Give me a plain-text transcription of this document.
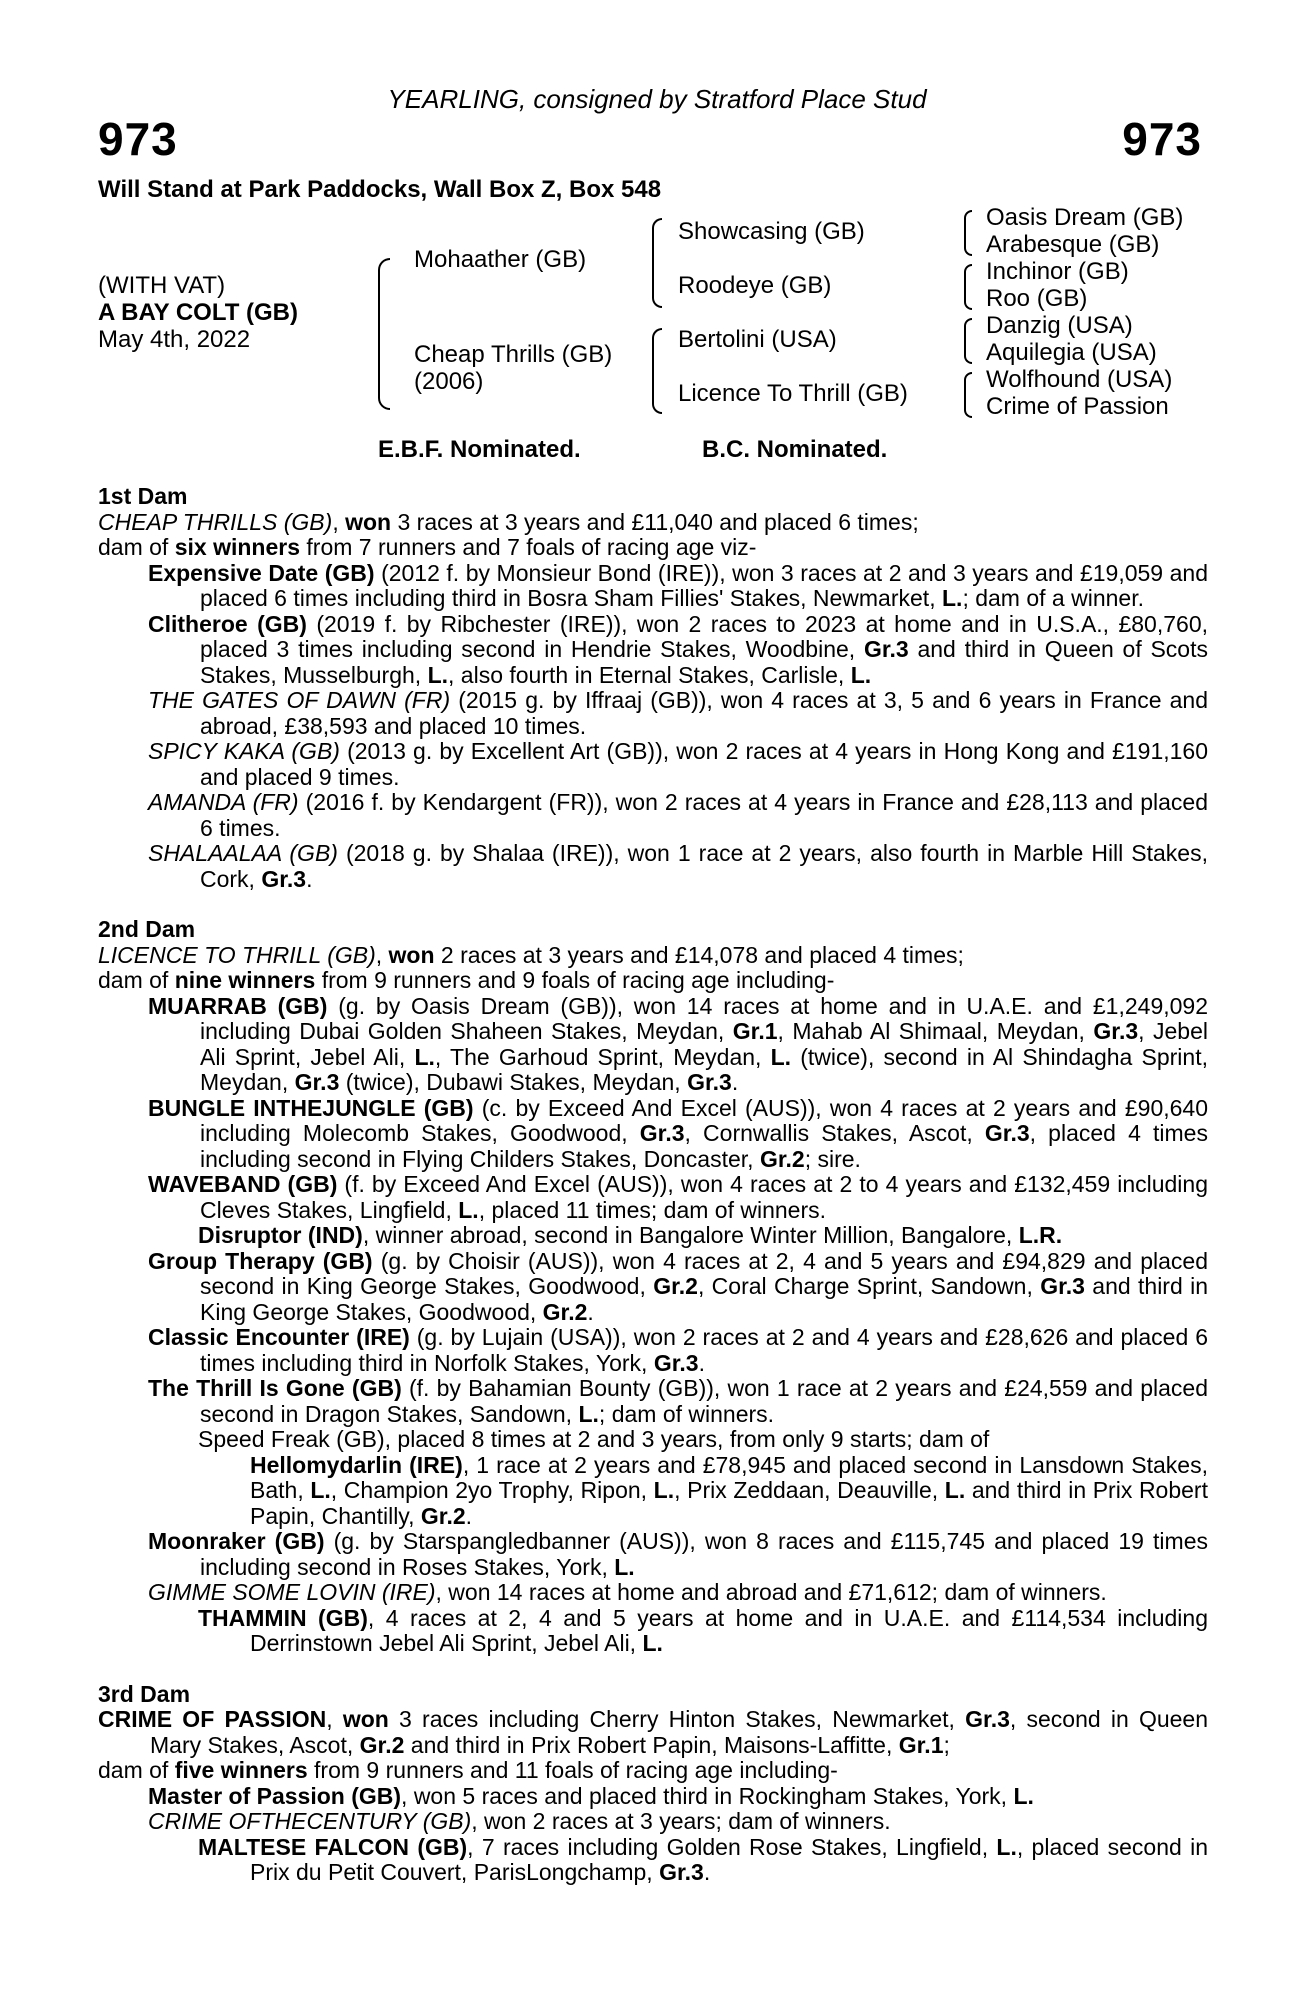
YEARLING, consigned by Stratford Place Stud
973	973
Will Stand at Park Paddocks, Wall Box Z, Box 548
(WITH VAT)
A BAY COLT (GB)
May 4th, 2022
Mohaather (GB)
Cheap Thrills (GB)
(2006)
Showcasing (GB)
Roodeye (GB)
Bertolini (USA)
Licence To Thrill (GB)
Oasis Dream (GB)
Arabesque (GB)
Inchinor (GB)
Roo (GB)
Danzig (USA)
Aquilegia (USA)
Wolfhound (USA)
Crime of Passion
E.B.F. Nominated.	B.C. Nominated.

1st Dam

CHEAP THRILLS (GB), won 3 races at 3 years and £11,040 and placed 6 times;

dam of six winners from 7 runners and 7 foals of racing age viz-

Expensive Date (GB) (2012 f. by Monsieur Bond (IRE)), won 3 races at 2 and 3 years and £19,059 and placed 6 times including third in Bosra Sham Fillies' Stakes, Newmarket, L.; dam of a winner.

Clitheroe (GB) (2019 f. by Ribchester (IRE)), won 2 races to 2023 at home and in U.S.A., £80,760, placed 3 times including second in Hendrie Stakes, Woodbine, Gr.3 and third in Queen of Scots Stakes, Musselburgh, L., also fourth in Eternal Stakes, Carlisle, L.

THE GATES OF DAWN (FR) (2015 g. by Iffraaj (GB)), won 4 races at 3, 5 and 6 years in France and abroad, £38,593 and placed 10 times.

SPICY KAKA (GB) (2013 g. by Excellent Art (GB)), won 2 races at 4 years in Hong Kong and £191,160 and placed 9 times.

AMANDA (FR) (2016 f. by Kendargent (FR)), won 2 races at 4 years in France and £28,113 and placed 6 times.

SHALAALAA (GB) (2018 g. by Shalaa (IRE)), won 1 race at 2 years, also fourth in Marble Hill Stakes, Cork, Gr.3.

2nd Dam

LICENCE TO THRILL (GB), won 2 races at 3 years and £14,078 and placed 4 times;

dam of nine winners from 9 runners and 9 foals of racing age including-

MUARRAB (GB) (g. by Oasis Dream (GB)), won 14 races at home and in U.A.E. and £1,249,092 including Dubai Golden Shaheen Stakes, Meydan, Gr.1, Mahab Al Shimaal, Meydan, Gr.3, Jebel Ali Sprint, Jebel Ali, L., The Garhoud Sprint, Meydan, L. (twice), second in Al Shindagha Sprint, Meydan, Gr.3 (twice), Dubawi Stakes, Meydan, Gr.3.

BUNGLE INTHEJUNGLE (GB) (c. by Exceed And Excel (AUS)), won 4 races at 2 years and £90,640 including Molecomb Stakes, Goodwood, Gr.3, Cornwallis Stakes, Ascot, Gr.3, placed 4 times including second in Flying Childers Stakes, Doncaster, Gr.2; sire.

WAVEBAND (GB) (f. by Exceed And Excel (AUS)), won 4 races at 2 to 4 years and £132,459 including Cleves Stakes, Lingfield, L., placed 11 times; dam of winners.

Disruptor (IND), winner abroad, second in Bangalore Winter Million, Bangalore, L.R.

Group Therapy (GB) (g. by Choisir (AUS)), won 4 races at 2, 4 and 5 years and £94,829 and placed second in King George Stakes, Goodwood, Gr.2, Coral Charge Sprint, Sandown, Gr.3 and third in King George Stakes, Goodwood, Gr.2.

Classic Encounter (IRE) (g. by Lujain (USA)), won 2 races at 2 and 4 years and £28,626 and placed 6 times including third in Norfolk Stakes, York, Gr.3.

The Thrill Is Gone (GB) (f. by Bahamian Bounty (GB)), won 1 race at 2 years and £24,559 and placed second in Dragon Stakes, Sandown, L.; dam of winners.

Speed Freak (GB), placed 8 times at 2 and 3 years, from only 9 starts; dam of

Hellomydarlin (IRE), 1 race at 2 years and £78,945 and placed second in Lansdown Stakes, Bath, L., Champion 2yo Trophy, Ripon, L., Prix Zeddaan, Deauville, L. and third in Prix Robert Papin, Chantilly, Gr.2.

Moonraker (GB) (g. by Starspangledbanner (AUS)), won 8 races and £115,745 and placed 19 times including second in Roses Stakes, York, L.

GIMME SOME LOVIN (IRE), won 14 races at home and abroad and £71,612; dam of winners.

THAMMIN (GB), 4 races at 2, 4 and 5 years at home and in U.A.E. and £114,534 including Derrinstown Jebel Ali Sprint, Jebel Ali, L.

3rd Dam

CRIME OF PASSION, won 3 races including Cherry Hinton Stakes, Newmarket, Gr.3, second in Queen Mary Stakes, Ascot, Gr.2 and third in Prix Robert Papin, Maisons-Laffitte, Gr.1;

dam of five winners from 9 runners and 11 foals of racing age including-

Master of Passion (GB), won 5 races and placed third in Rockingham Stakes, York, L.

CRIME OFTHECENTURY (GB), won 2 races at 3 years; dam of winners.

MALTESE FALCON (GB), 7 races including Golden Rose Stakes, Lingfield, L., placed second in Prix du Petit Couvert, ParisLongchamp, Gr.3.
